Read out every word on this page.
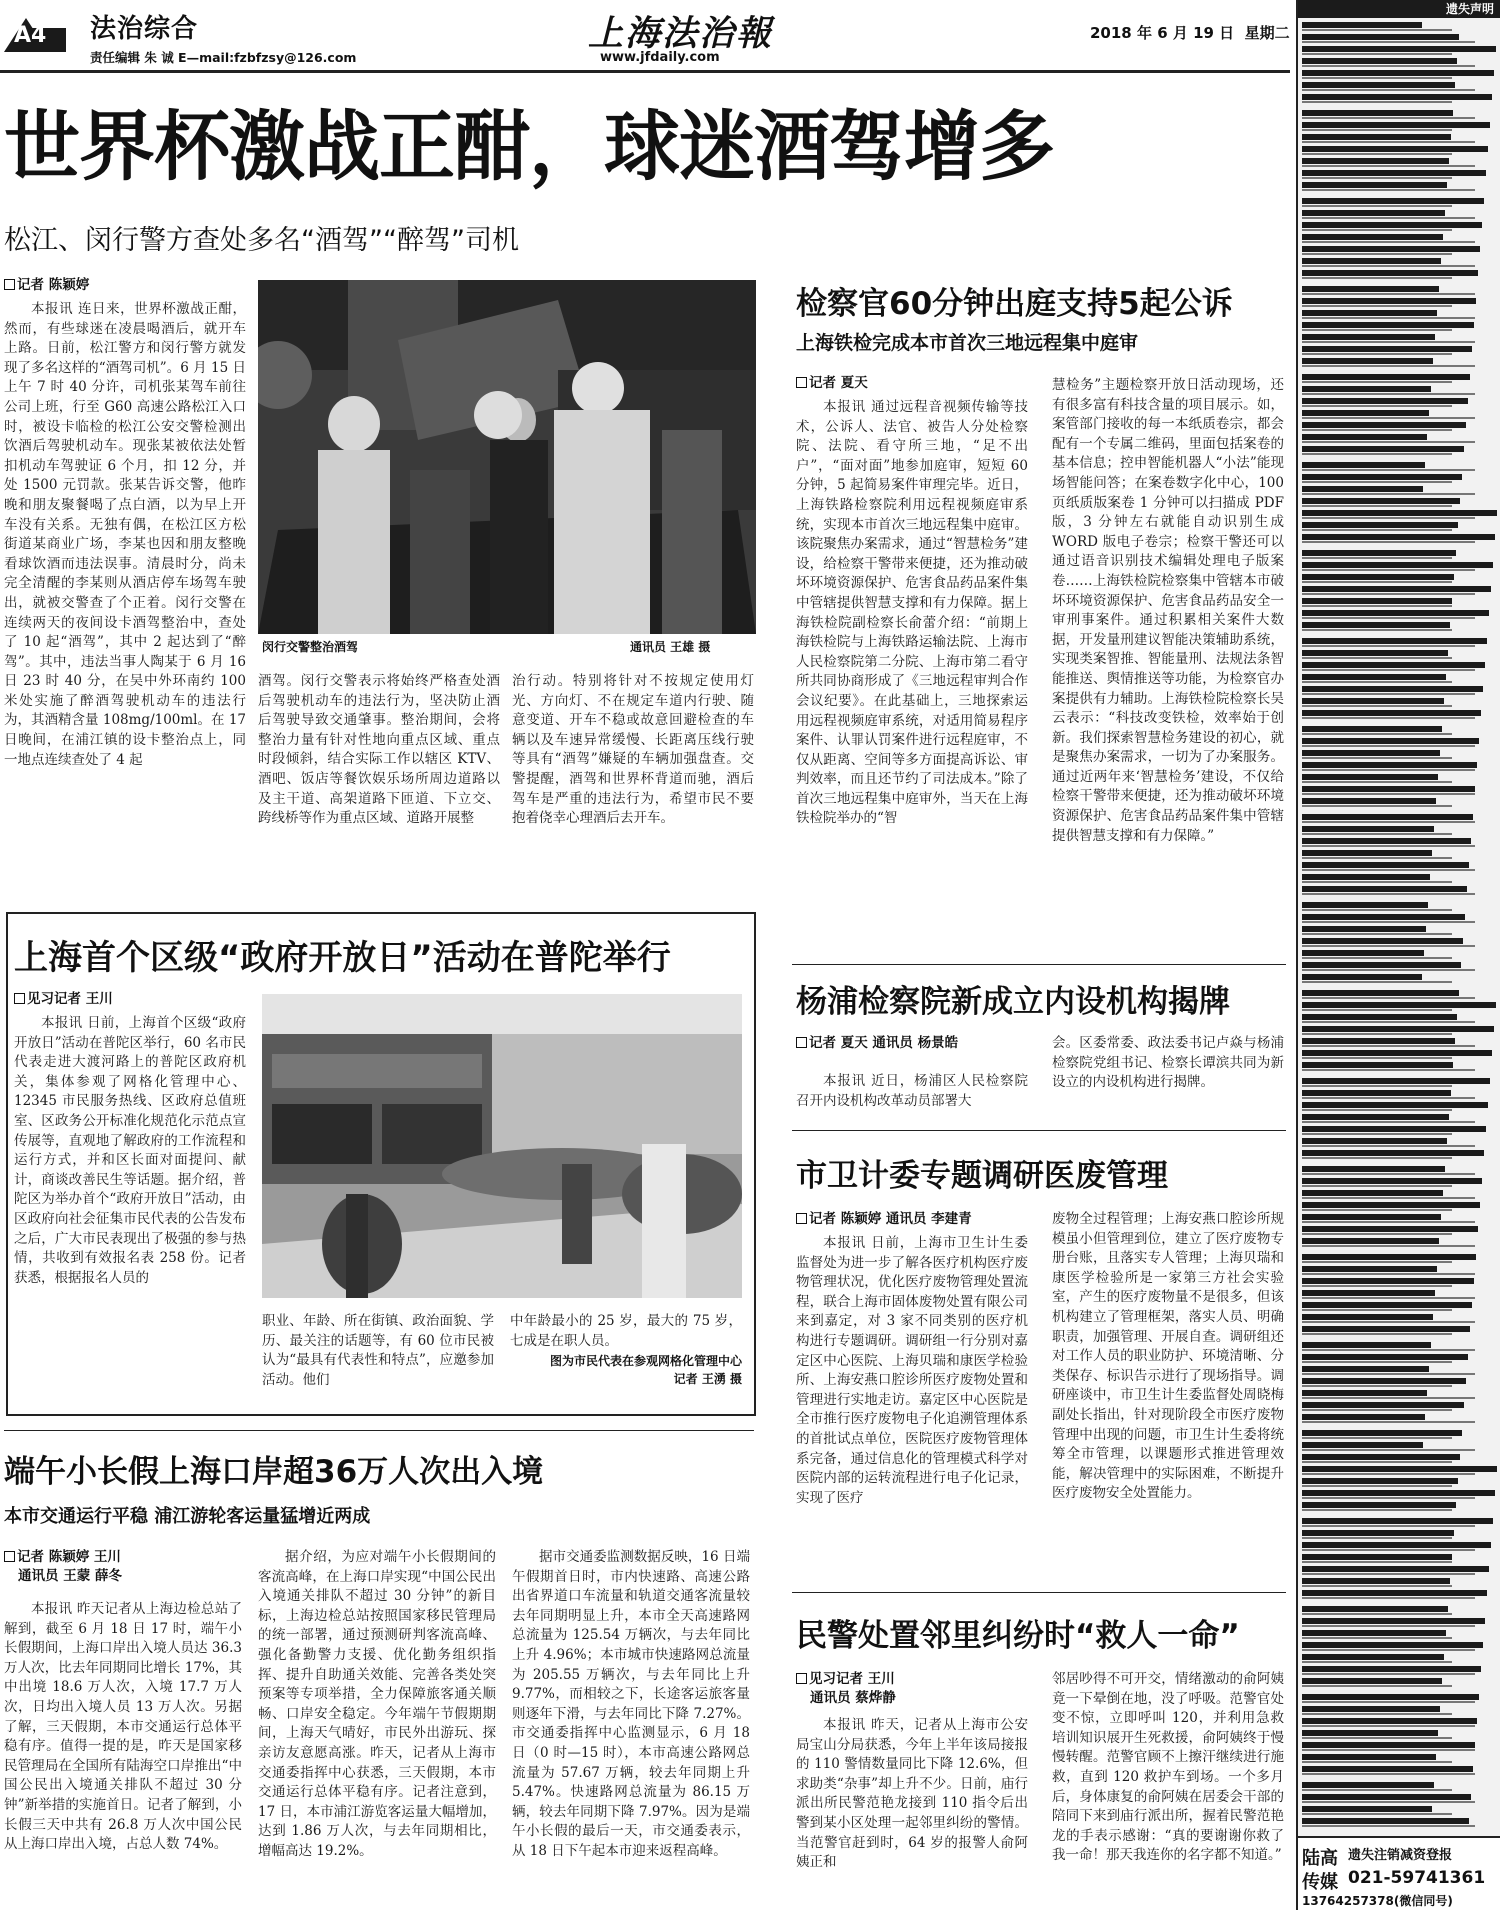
A4 法治综合
责任编辑 朱 诚 E—mail:fzbfzsy@126.com
上海法治報
www.jfdaily.com
2018 年 6 月 19 日 星期二
世界杯激战正酣，球迷酒驾增多
松江、闵行警方查处多名“酒驾”“醉驾”司机
记者 陈颖婷
本报讯 连日来，世界杯激战正酣，然而，有些球迷在凌晨喝酒后，就开车上路。日前，松江警方和闵行警方就发现了多名这样的“酒驾司机”。6 月 15 日上午 7 时 40 分许，司机张某驾车前往公司上班，行至 G60 高速公路松江入口时，被设卡临检的松江公安交警检测出饮酒后驾驶机动车。现张某被依法处暂扣机动车驾驶证 6 个月，扣 12 分，并处 1500 元罚款。张某告诉交警，他昨晚和朋友聚餐喝了点白酒，以为早上开车没有关系。无独有偶，在松江区方松街道某商业广场，李某也因和朋友整晚看球饮酒而违法误事。清晨时分，尚未完全清醒的李某则从酒店停车场驾车驶出，就被交警查了个正着。闵行交警在连续两天的夜间设卡酒驾整治中，查处了 10 起“酒驾”，其中 2 起达到了“醉驾”。其中，违法当事人陶某于 6 月 16 日 23 时 40 分，在吴中外环南约 100 米处实施了醉酒驾驶机动车的违法行为，其酒精含量 108mg/100ml。在 17 日晚间，在浦江镇的设卡整治点上，同一地点连续查处了 4 起
闵行交警整治酒驾	通讯员 王雄 摄
酒驾。闵行交警表示将始终严格查处酒后驾驶机动车的违法行为，坚决防止酒后驾驶导致交通肇事。整治期间，会将整治力量有针对性地向重点区域、重点时段倾斜，结合实际工作以辖区 KTV、酒吧、饭店等餐饮娱乐场所周边道路以及主干道、高架道路下匝道、下立交、跨线桥等作为重点区域、道路开展整
治行动。特别将针对不按规定使用灯光、方向灯、不在规定车道内行驶、随意变道、开车不稳或故意回避检查的车辆以及车速异常缓慢、长距离压线行驶等具有“酒驾”嫌疑的车辆加强盘查。交警提醒，酒驾和世界杯背道而驰，酒后驾车是严重的违法行为，希望市民不要抱着侥幸心理酒后去开车。
检察官60分钟出庭支持5起公诉
上海铁检完成本市首次三地远程集中庭审
记者 夏天
本报讯 通过远程音视频传输等技术，公诉人、法官、被告人分处检察院、法院、看守所三地，“足不出户”，“面对面”地参加庭审，短短 60 分钟，5 起简易案件审理完毕。近日，上海铁路检察院利用远程视频庭审系统，实现本市首次三地远程集中庭审。该院聚焦办案需求，通过“智慧检务”建设，给检察干警带来便捷，还为推动破坏环境资源保护、危害食品药品案件集中管辖提供智慧支撑和有力保障。据上海铁检院副检察长俞蕾介绍：“前期上海铁检院与上海铁路运输法院、上海市人民检察院第二分院、上海市第二看守所共同协商形成了《三地远程审判合作会议纪要》。在此基础上，三地探索运用远程视频庭审系统，对适用简易程序案件、认罪认罚案件进行远程庭审，不仅从距离、空间等多方面提高诉讼、审判效率，而且还节约了司法成本。”除了首次三地远程集中庭审外，当天在上海铁检院举办的“智
慧检务”主题检察开放日活动现场，还有很多富有科技含量的项目展示。如，案管部门接收的每一本纸质卷宗，都会配有一个专属二维码，里面包括案卷的基本信息；控申智能机器人“小法”能现场智能问答；在案卷数字化中心，100 页纸质版案卷 1 分钟可以扫描成 PDF 版，3 分钟左右就能自动识别生成 WORD 版电子卷宗；检察干警还可以通过语音识别技术编辑处理电子版案卷……上海铁检院检察集中管辖本市破坏环境资源保护、危害食品药品安全一审刑事案件。通过积累相关案件大数据，开发量刑建议智能决策辅助系统，实现类案智推、智能量刑、法规法条智能推送、舆情推送等功能，为检察官办案提供有力辅助。上海铁检院检察长吴云表示：“科技改变铁检，效率始于创新。我们探索智慧检务建设的初心，就是聚焦办案需求，一切为了办案服务。通过近两年来‘智慧检务’建设，不仅给检察干警带来便捷，还为推动破坏环境资源保护、危害食品药品案件集中管辖提供智慧支撑和有力保障。”
上海首个区级“政府开放日”活动在普陀举行
见习记者 王川
本报讯 日前，上海首个区级“政府开放日”活动在普陀区举行，60 名市民代表走进大渡河路上的普陀区政府机关，集体参观了网格化管理中心、12345 市民服务热线、区政府总值班室、区政务公开标准化规范化示范点宣传展等，直观地了解政府的工作流程和运行方式，并和区长面对面提问、献计，商谈改善民生等话题。据介绍，普陀区为举办首个“政府开放日”活动，由区政府向社会征集市民代表的公告发布之后，广大市民表现出了极强的参与热情，共收到有效报名表 258 份。记者获悉，根据报名人员的
职业、年龄、所在街镇、政治面貌、学历、最关注的话题等，有 60 位市民被认为“最具有代表性和特点”，应邀参加活动。他们
中年龄最小的 25 岁，最大的 75 岁，七成是在职人员。
图为市民代表在参观网格化管理中心
记者 王湧 摄
杨浦检察院新成立内设机构揭牌
记者 夏天 通讯员 杨景皓
本报讯 近日，杨浦区人民检察院召开内设机构改革动员部署大
会。区委常委、政法委书记卢焱与杨浦检察院党组书记、检察长谭滨共同为新设立的内设机构进行揭牌。
市卫计委专题调研医废管理
记者 陈颖婷 通讯员 李建青
本报讯 日前，上海市卫生计生委监督处为进一步了解各医疗机构医疗废物管理状况，优化医疗废物管理处置流程，联合上海市固体废物处置有限公司来到嘉定，对 3 家不同类别的医疗机构进行专题调研。调研组一行分别对嘉定区中心医院、上海贝瑞和康医学检验所、上海安燕口腔诊所医疗废物处置和管理进行实地走访。嘉定区中心医院是全市推行医疗废物电子化追溯管理体系的首批试点单位，医院医疗废物管理体系完备，通过信息化的管理模式科学对医院内部的运转流程进行电子化记录，实现了医疗
废物全过程管理；上海安燕口腔诊所规模虽小但管理到位，建立了医疗废物专册台账，且落实专人管理；上海贝瑞和康医学检验所是一家第三方社会实验室，产生的医疗废物量不是很多，但该机构建立了管理框架，落实人员、明确职责，加强管理、开展自查。调研组还对工作人员的职业防护、环境清晰、分类保存、标识告示进行了现场指导。调研座谈中，市卫生计生委监督处周晓梅副处长指出，针对现阶段全市医疗废物管理中出现的问题，市卫生计生委将统筹全市管理，以课题形式推进管理效能，解决管理中的实际困难，不断提升医疗废物安全处置能力。
端午小长假上海口岸超36万人次出入境
本市交通运行平稳 浦江游轮客运量猛增近两成
记者 陈颖婷 王川
通讯员 王蒙 薛冬
本报讯 昨天记者从上海边检总站了解到，截至 6 月 18 日 17 时，端午小长假期间，上海口岸出入境人员达 36.3 万人次，比去年同期同比增长 17%，其中出境 18.6 万人次，入境 17.7 万人次，日均出入境人员 13 万人次。另据了解，三天假期，本市交通运行总体平稳有序。值得一提的是，昨天是国家移民管理局在全国所有陆海空口岸推出“中国公民出入境通关排队不超过 30 分钟”新举措的实施首日。记者了解到，小长假三天中共有 26.8 万人次中国公民从上海口岸出入境，占总人数 74%。
据介绍，为应对端午小长假期间的客流高峰，在上海口岸实现“中国公民出入境通关排队不超过 30 分钟”的新目标，上海边检总站按照国家移民管理局的统一部署，通过预测研判客流高峰、强化备勤警力支援、优化勤务组织指挥、提升自助通关效能、完善各类处突预案等专项举措，全力保障旅客通关顺畅、口岸安全稳定。今年端午节假期期间，上海天气晴好，市民外出游玩、探亲访友意愿高涨。昨天，记者从上海市交通委指挥中心获悉，三天假期，本市交通运行总体平稳有序。记者注意到，17 日，本市浦江游览客运量大幅增加，达到 1.86 万人次，与去年同期相比，增幅高达 19.2%。
据市交通委监测数据反映，16 日端午假期首日时，市内快速路、高速公路出省界道口车流量和轨道交通客流量较去年同期明显上升，本市全天高速路网总流量为 125.54 万辆次，与去年同比上升 4.96%；本市城市快速路网总流量为 205.55 万辆次，与去年同比上升 9.77%，而相较之下，长途客运旅客量则逐年下滑，与去年同比下降 7.27%。市交通委指挥中心监测显示，6 月 18 日（0 时—15 时），本市高速公路网总流量为 57.67 万辆，较去年同期上升 5.47%。快速路网总流量为 86.15 万辆，较去年同期下降 7.97%。因为是端午小长假的最后一天，市交通委表示，从 18 日下午起本市迎来返程高峰。
民警处置邻里纠纷时“救人一命”
见习记者 王川
通讯员 蔡烨静
本报讯 昨天，记者从上海市公安局宝山分局获悉，今年上半年该局接报的 110 警情数量同比下降 12.6%，但求助类“杂事”却上升不少。日前，庙行派出所民警范艳龙接到 110 指令后出警到某小区处理一起邻里纠纷的警情。当范警官赶到时，64 岁的报警人俞阿姨正和
邻居吵得不可开交，情绪激动的俞阿姨竟一下晕倒在地，没了呼吸。范警官处变不惊，立即呼叫 120，并利用急救培训知识展开生死救援，俞阿姨终于慢慢转醒。范警官顾不上擦汗继续进行施救，直到 120 救护车到场。一个多月后，身体康复的俞阿姨在居委会干部的陪同下来到庙行派出所，握着民警范艳龙的手表示感谢：“真的要谢谢你救了我一命！那天我连你的名字都不知道。”
遗失声明
陆高 遗失注销减资登报
传媒 021-59741361
13764257378(微信同号)
